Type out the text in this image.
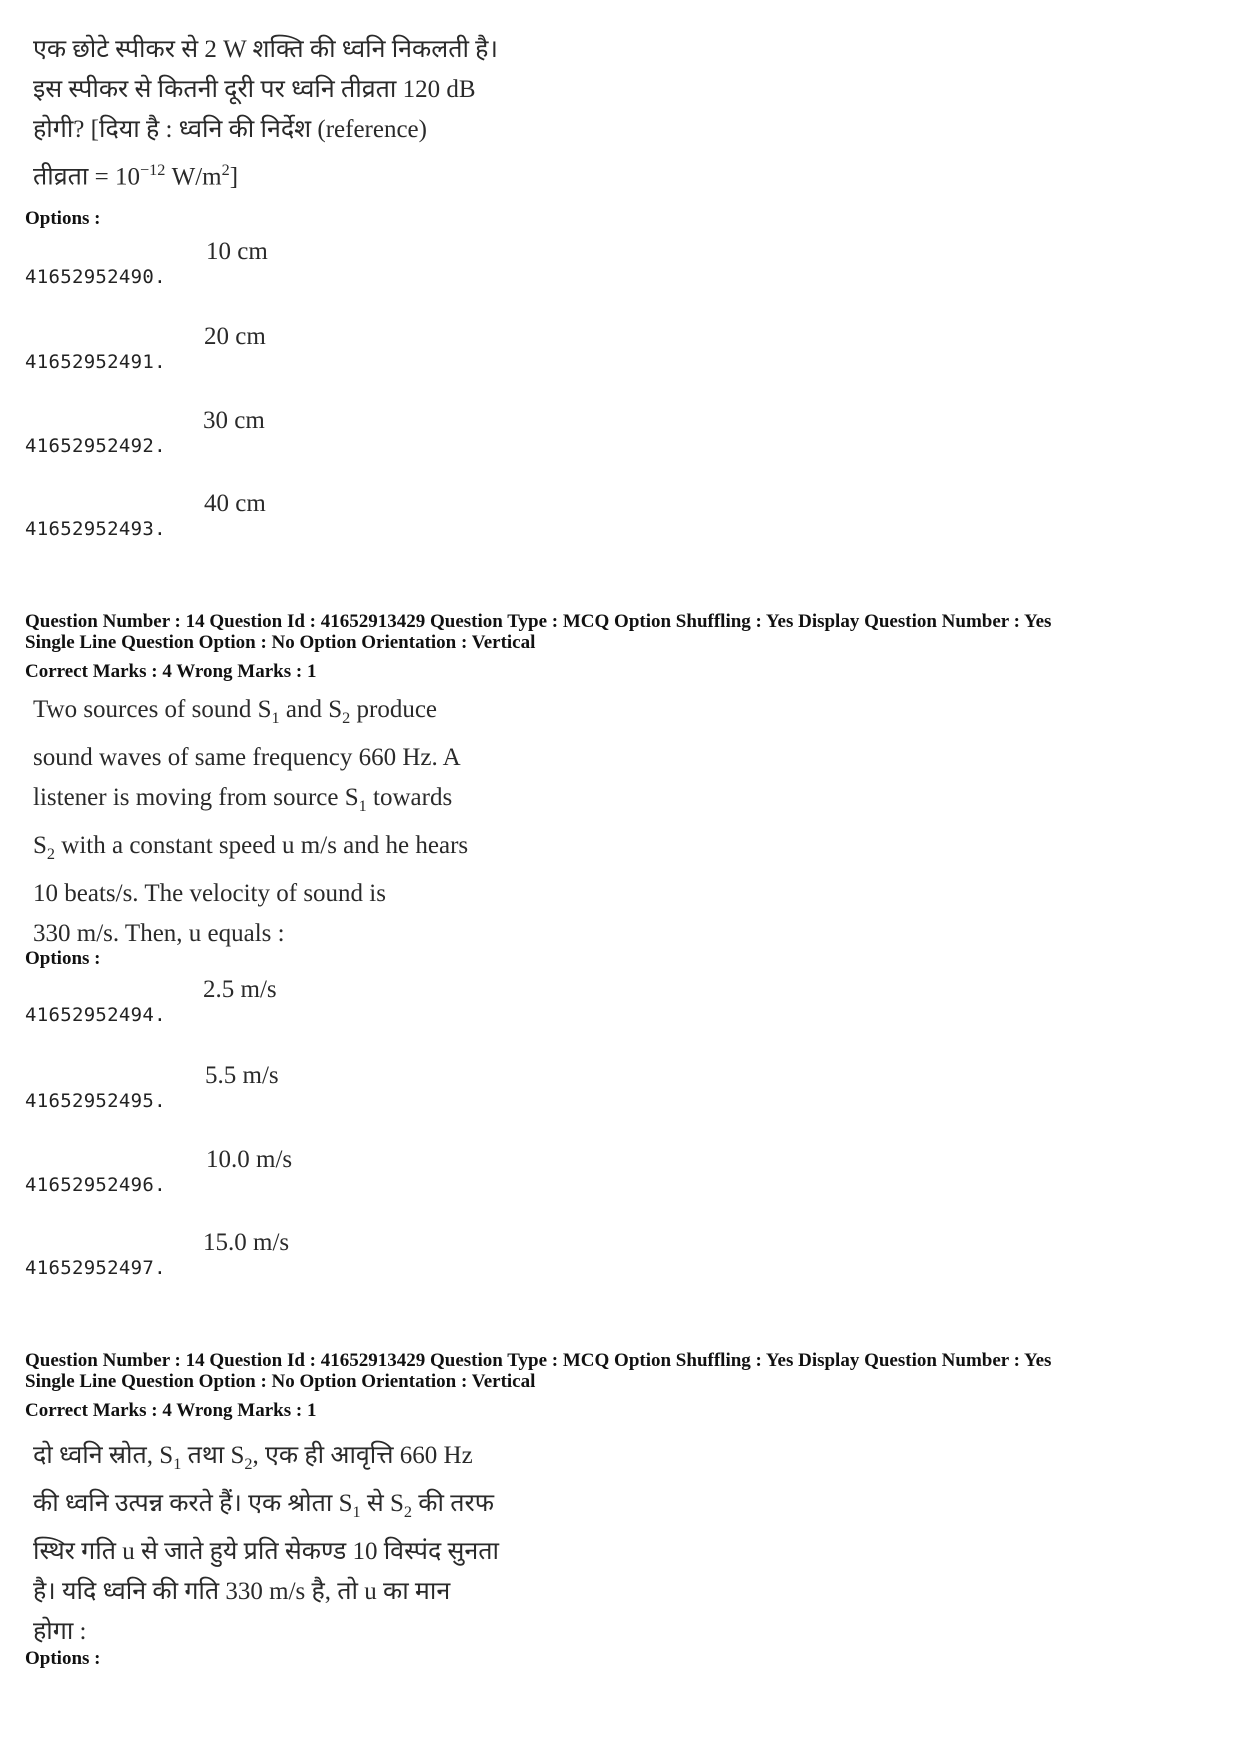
एक छोटे स्पीकर से 2 W शक्ति की ध्वनि निकलती है।

इस स्पीकर से कितनी दूरी पर ध्वनि तीव्रता 120 dB

होगी? [दिया है : ध्वनि की निर्देश (reference)

तीव्रता = $10^{-12}$ $W/m^2$]

Options :
41652952490.
10 cm
41652952491.
20 cm
41652952492.
30 cm
41652952493.
40 cm
Question Number : 14 Question Id : 41652913429 Question Type : MCQ Option Shuffling : Yes Display Question Number : Yes
Single Line Question Option : No Option Orientation : Vertical
Correct Marks : 4 Wrong Marks : 1

Two sources of sound $S_1$ and $S_2$ produce

sound waves of same frequency 660 Hz. A

listener is moving from source $S_1$ towards

$S_2$ with a constant speed u m/s and he hears

10 beats/s. The velocity of sound is

330 m/s. Then, u equals :

Options :
41652952494.
2.5 m/s
41652952495.
5.5 m/s
41652952496.
10.0 m/s
41652952497.
15.0 m/s
Question Number : 14 Question Id : 41652913429 Question Type : MCQ Option Shuffling : Yes Display Question Number : Yes
Single Line Question Option : No Option Orientation : Vertical
Correct Marks : 4 Wrong Marks : 1

दो ध्वनि स्रोत, $S_1$ तथा $S_2$, एक ही आवृत्ति 660 Hz

की ध्वनि उत्पन्न करते हैं। एक श्रोता $S_1$ से $S_2$ की तरफ

स्थिर गति u से जाते हुये प्रति सेकण्ड 10 विस्पंद सुनता

है। यदि ध्वनि की गति 330 m/s है, तो u का मान

होगा :

Options :
